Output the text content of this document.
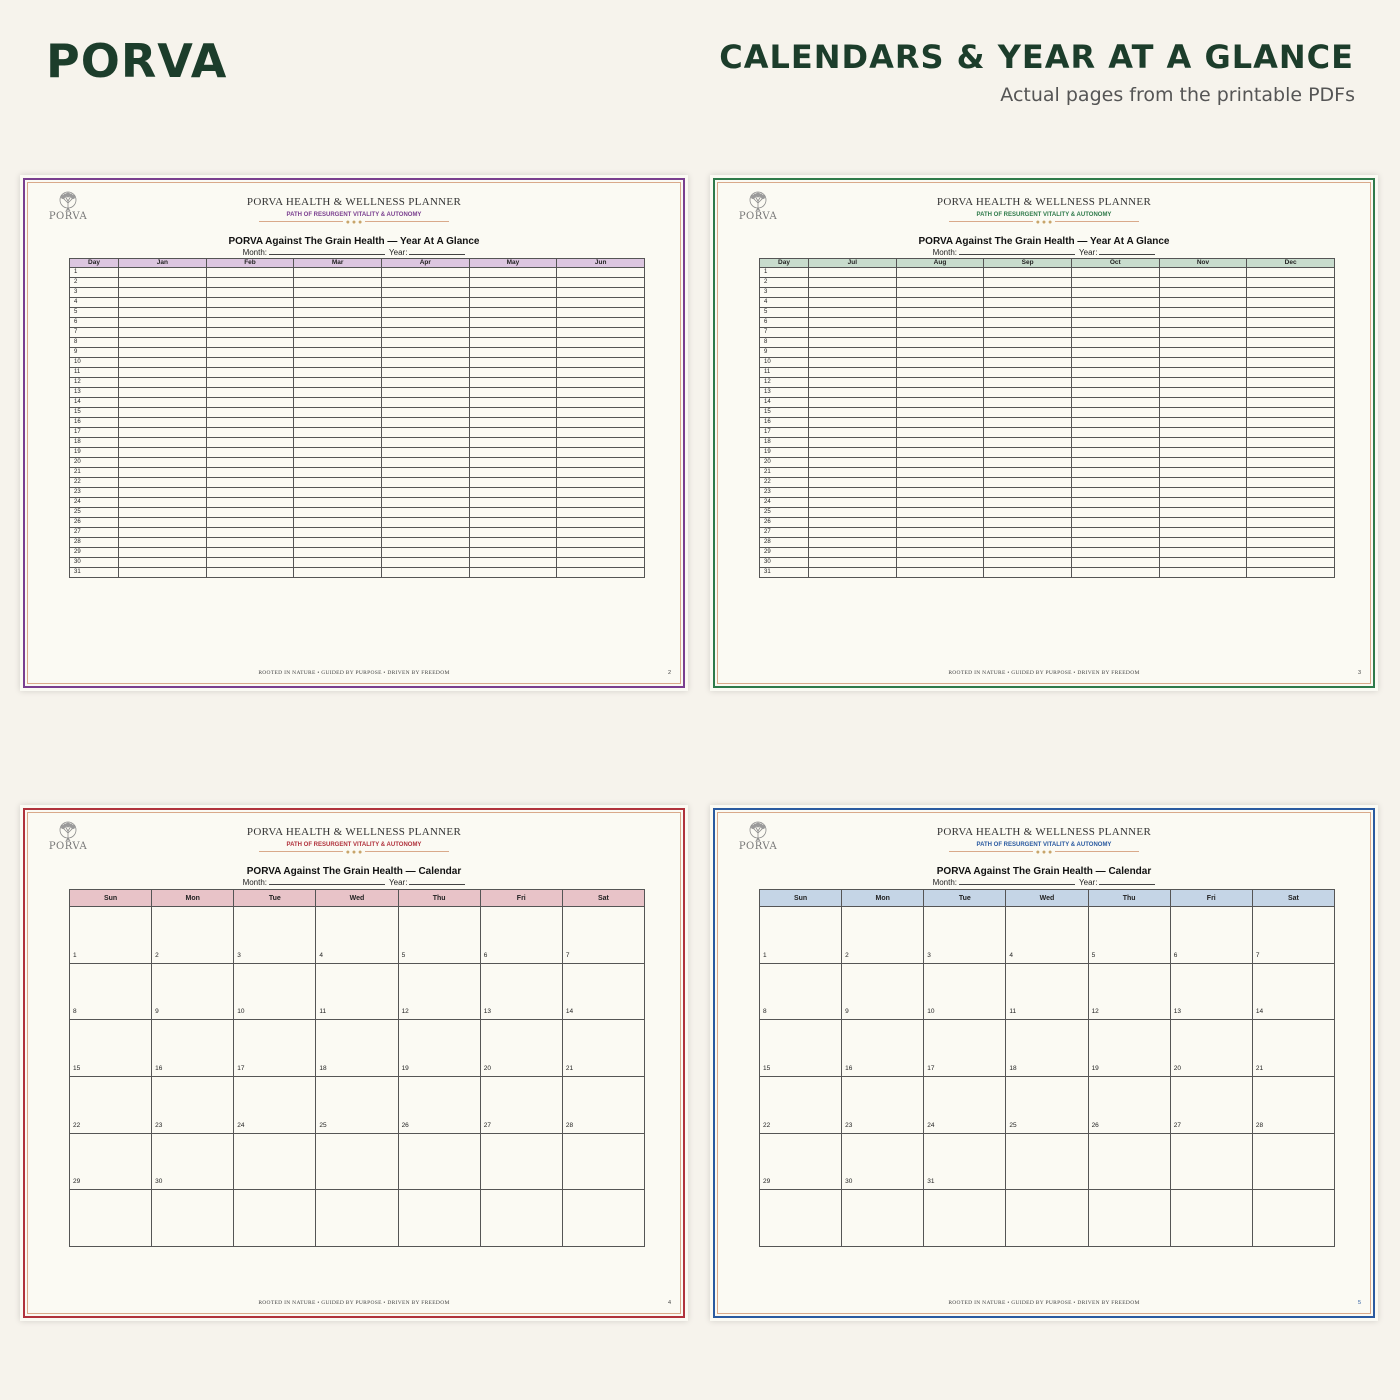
PORVA	CALENDARS & YEAR AT A GLANCE
Actual pages from the printable PDFs
PORVA
PORVA HEALTH & WELLNESS PLANNER
PATH OF RESURGENT VITALITY & AUTONOMY
● ● ●
PORVA Against The Grain Health — Year At A Glance
Month:	Year:
Day	Jan	Feb	Mar	Apr	May	Jun
1						
2						
3						
4						
5						
6						
7						
8						
9						
10						
11						
12						
13						
14						
15						
16						
17						
18						
19						
20						
21						
22						
23						
24						
25						
26						
27						
28						
29						
30						
31						
ROOTED IN NATURE • GUIDED BY PURPOSE • DRIVEN BY FREEDOM	2
PORVA
PORVA HEALTH & WELLNESS PLANNER
PATH OF RESURGENT VITALITY & AUTONOMY
● ● ●
PORVA Against The Grain Health — Year At A Glance
Month:	Year:
Day	Jul	Aug	Sep	Oct	Nov	Dec
1						
2						
3						
4						
5						
6						
7						
8						
9						
10						
11						
12						
13						
14						
15						
16						
17						
18						
19						
20						
21						
22						
23						
24						
25						
26						
27						
28						
29						
30						
31						
ROOTED IN NATURE • GUIDED BY PURPOSE • DRIVEN BY FREEDOM	3
PORVA
PORVA HEALTH & WELLNESS PLANNER
PATH OF RESURGENT VITALITY & AUTONOMY
● ● ●
PORVA Against The Grain Health — Calendar
Month:	Year:
Sun	Mon	Tue	Wed	Thu	Fri	Sat
1	2	3	4	5	6	7
8	9	10	11	12	13	14
15	16	17	18	19	20	21
22	23	24	25	26	27	28
29	30					

ROOTED IN NATURE • GUIDED BY PURPOSE • DRIVEN BY FREEDOM	4
PORVA
PORVA HEALTH & WELLNESS PLANNER
PATH OF RESURGENT VITALITY & AUTONOMY
● ● ●
PORVA Against The Grain Health — Calendar
Month:	Year:
Sun	Mon	Tue	Wed	Thu	Fri	Sat
1	2	3	4	5	6	7
8	9	10	11	12	13	14
15	16	17	18	19	20	21
22	23	24	25	26	27	28
29	30	31				

ROOTED IN NATURE • GUIDED BY PURPOSE • DRIVEN BY FREEDOM	5
